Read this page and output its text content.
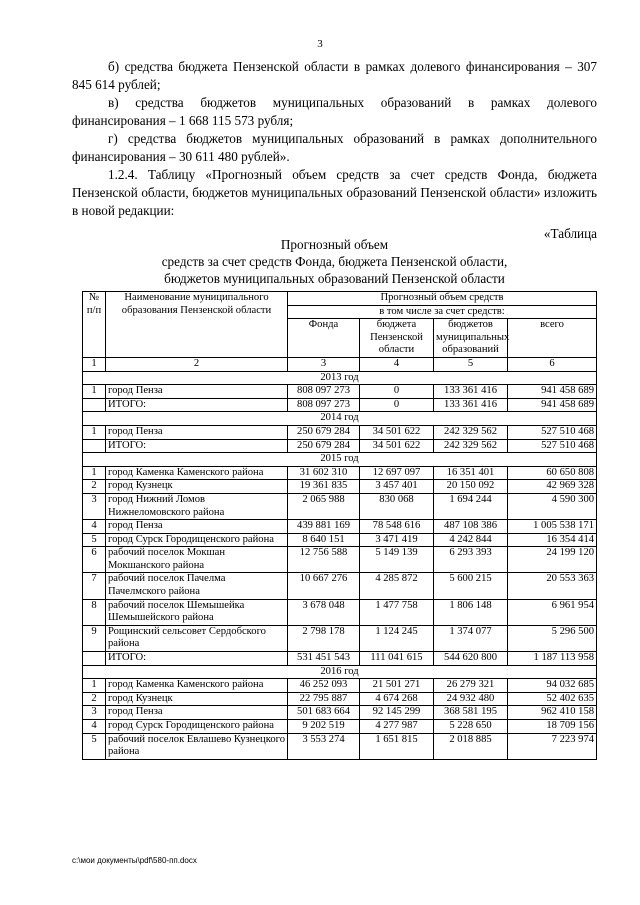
3

б) средства бюджета Пензенской области в рамках долевого финансирования – 307 845 614 рублей;

в) средства бюджетов муниципальных образований в рамках долевого финансирования – 1 668 115 573 рубля;

г) средства бюджетов муниципальных образований в рамках дополнительного финансирования – 30 611 480 рублей».

1.2.4. Таблицу «Прогнозный объем средств за счет средств Фонда, бюджета Пензенской области, бюджетов муниципальных образований Пензенской области» изложить в новой редакции:

«Таблица

Прогнозный объем
средств за счет средств Фонда, бюджета Пензенской области,
бюджетов муниципальных образований Пензенской области
№ п/п	Наименование муниципального образования Пензенской области	Прогнозный объем средств			
		в том числе за счет средств:			
		Фонда	бюджета Пензенской области	бюджетов муниципальных образований	всего
1	2	3	4	5	6
2013 год					
1	город Пенза	808 097 273	0	133 361 416	941 458 689
	ИТОГО:	808 097 273	0	133 361 416	941 458 689
2014 год					
1	город Пенза	250 679 284	34 501 622	242 329 562	527 510 468
	ИТОГО:	250 679 284	34 501 622	242 329 562	527 510 468
2015 год					
1	город Каменка Каменского района	31 602 310	12 697 097	16 351 401	60 650 808
2	город Кузнецк	19 361 835	3 457 401	20 150 092	42 969 328
3	город Нижний Ломов Нижнеломовского района	2 065 988	830 068	1 694 244	4 590 300
4	город Пенза	439 881 169	78 548 616	487 108 386	1 005 538 171
5	город Сурск Городищенского района	8 640 151	3 471 419	4 242 844	16 354 414
6	рабочий поселок Мокшан Мокшанского района	12 756 588	5 149 139	6 293 393	24 199 120
7	рабочий поселок Пачелма Пачелмского района	10 667 276	4 285 872	5 600 215	20 553 363
8	рабочий поселок Шемышейка Шемышейского района	3 678 048	1 477 758	1 806 148	6 961 954
9	Рощинский сельсовет Сердобского района	2 798 178	1 124 245	1 374 077	5 296 500
	ИТОГО:	531 451 543	111 041 615	544 620 800	1 187 113 958
2016 год					
1	город Каменка Каменского района	46 252 093	21 501 271	26 279 321	94 032 685
2	город Кузнецк	22 795 887	4 674 268	24 932 480	52 402 635
3	город Пенза	501 683 664	92 145 299	368 581 195	962 410 158
4	город Сурск Городищенского района	9 202 519	4 277 987	5 228 650	18 709 156
5	рабочий поселок Евлашево Кузнецкого района	3 553 274	1 651 815	2 018 885	7 223 974
c:\мои документы\pdf\580-пп.docx
